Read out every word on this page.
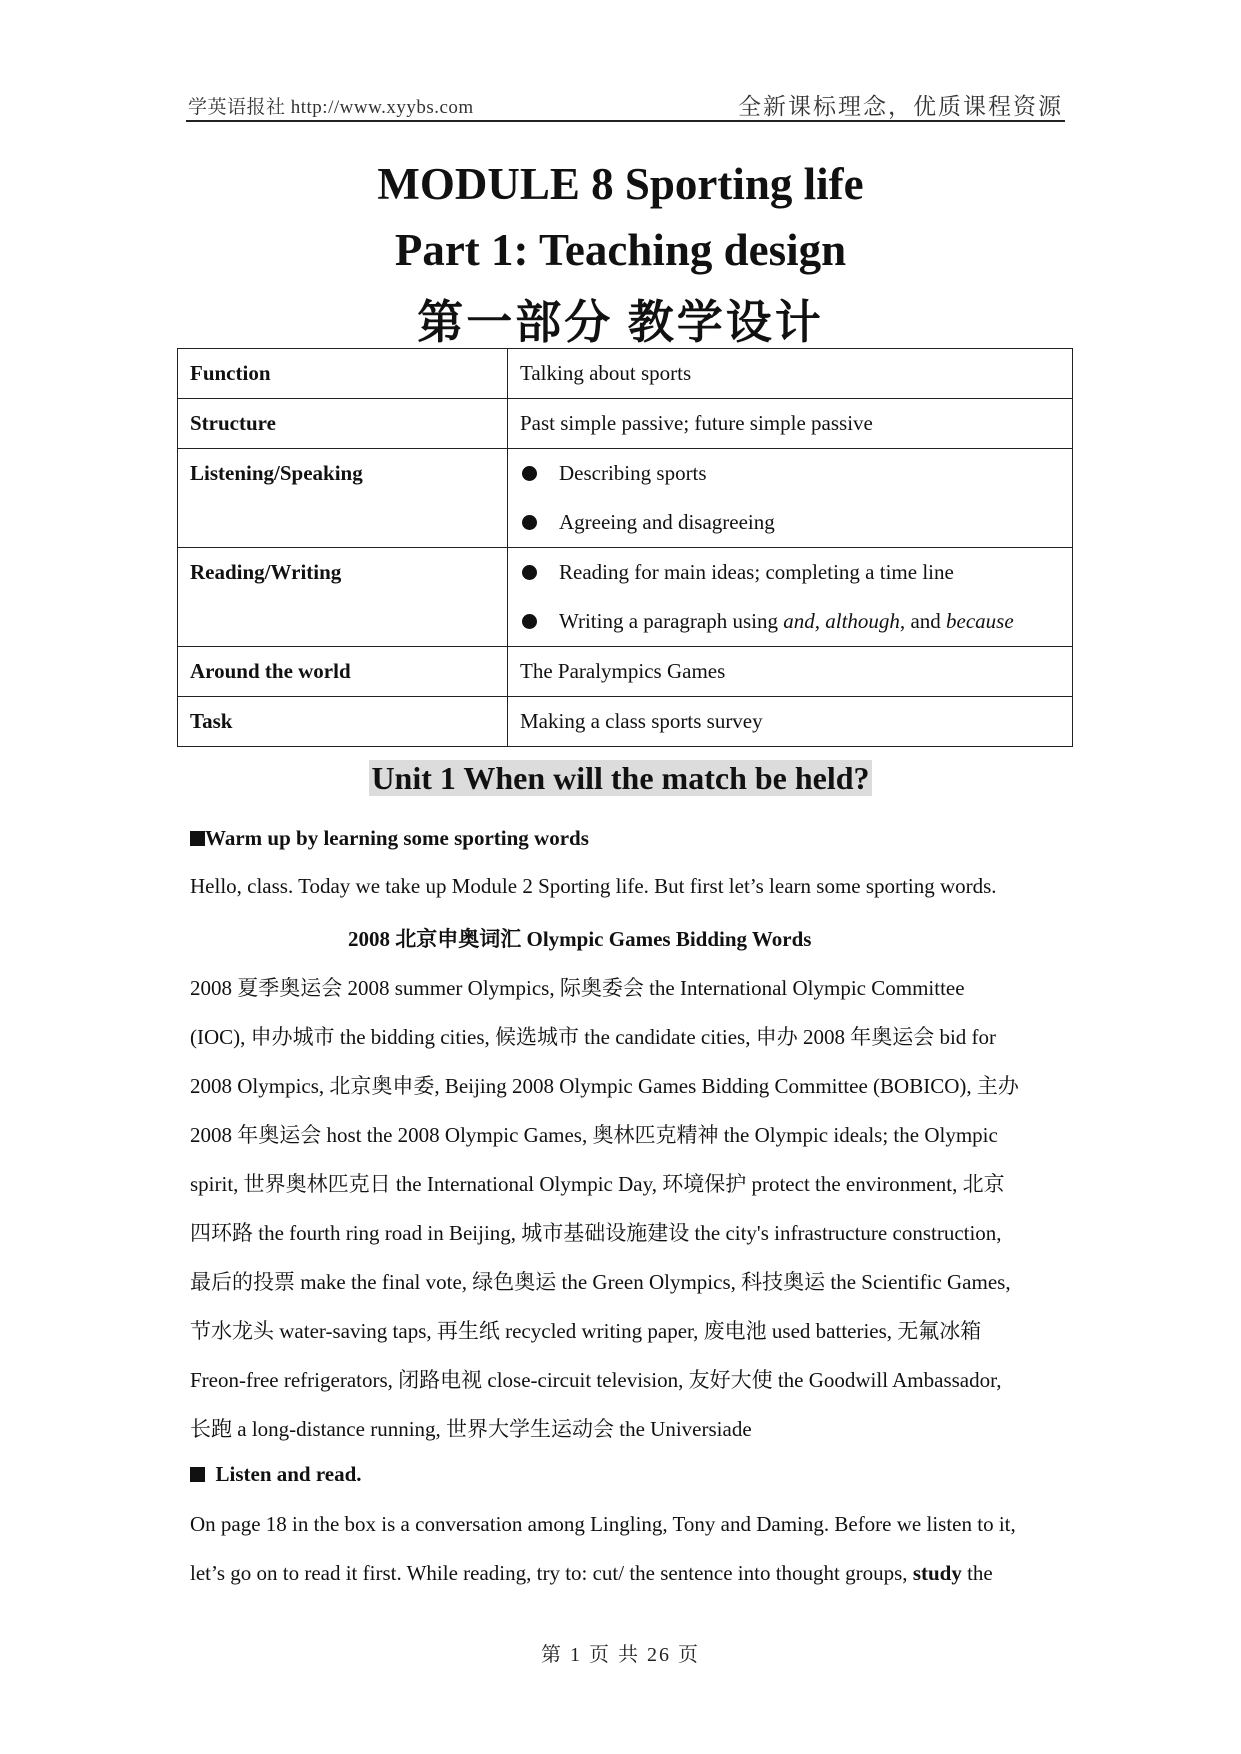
学英语报社 http://www.xyybs.com	全新课标理念，优质课程资源
MODULE 8 Sporting life
Part 1: Teaching design
第一部分 教学设计
Function	Talking about sports
Structure	Past simple passive; future simple passive
Listening/Speaking	Describing sports
Agreeing and disagreeing

Reading/Writing	Reading for main ideas; completing a time line
Writing a paragraph using and, although, and because

Around the world	The Paralympics Games
Task	Making a class sports survey
Unit 1 When will the match be held?
Warm up by learning some sporting words
Hello, class. Today we take up Module 2 Sporting life. But first let’s learn some sporting words.
2008 北京申奥词汇 Olympic Games Bidding Words
2008 夏季奥运会 2008 summer Olympics, 际奥委会 the International Olympic Committee
(IOC), 申办城市 the bidding cities, 候选城市 the candidate cities, 申办 2008 年奥运会 bid for
2008 Olympics, 北京奥申委, Beijing 2008 Olympic Games Bidding Committee (BOBICO), 主办
2008 年奥运会 host the 2008 Olympic Games, 奥林匹克精神 the Olympic ideals; the Olympic
spirit, 世界奥林匹克日 the International Olympic Day, 环境保护 protect the environment, 北京
四环路 the fourth ring road in Beijing, 城市基础设施建设 the city's infrastructure construction,
最后的投票 make the final vote, 绿色奥运 the Green Olympics, 科技奥运 the Scientific Games,
节水龙头 water-saving taps, 再生纸 recycled writing paper, 废电池 used batteries, 无氟冰箱
Freon-free refrigerators, 闭路电视 close-circuit television, 友好大使 the Goodwill Ambassador,
长跑 a long-distance running, 世界大学生运动会 the Universiade
Listen and read.
On page 18 in the box is a conversation among Lingling, Tony and Daming. Before we listen to it,
let’s go on to read it first. While reading, try to: cut/ the sentence into thought groups, study the
第 1 页 共 26 页
